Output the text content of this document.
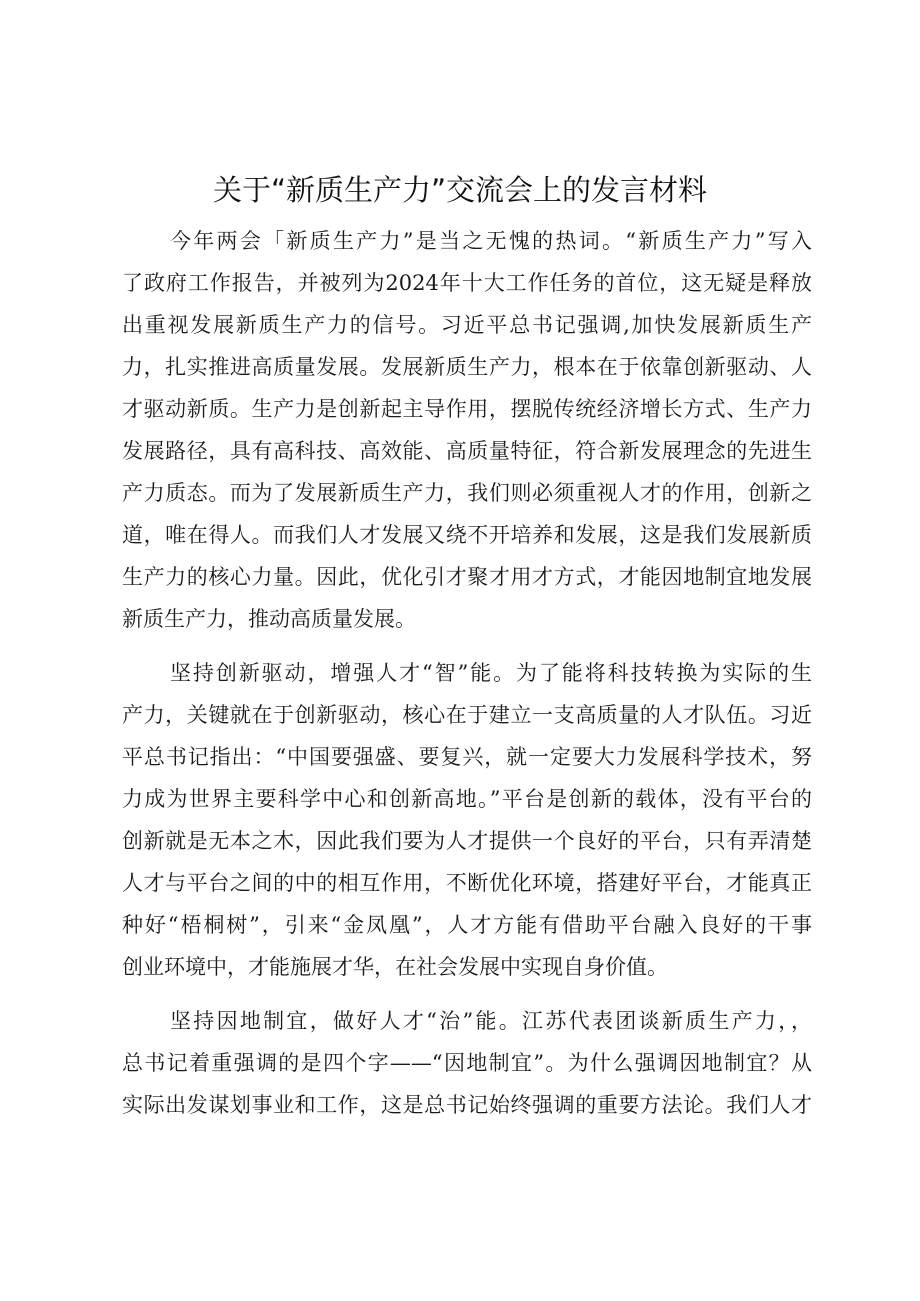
关于“新质生产力”交流会上的发言材料
今年两会「新质生产力”是当之无愧的热词。“新质生产力”写入
了政府工作报告，并被列为2024年十大工作任务的首位，这无疑是释放
出重视发展新质生产力的信号。习近平总书记强调,加快发展新质生产
力，扎实推进高质量发展。发展新质生产力，根本在于依靠创新驱动、人
才驱动新质。生产力是创新起主导作用，摆脱传统经济增长方式、生产力
发展路径，具有高科技、高效能、高质量特征，符合新发展理念的先进生
产力质态。而为了发展新质生产力，我们则必须重视人才的作用，创新之
道，唯在得人。而我们人才发展又绕不开培养和发展，这是我们发展新质
生产力的核心力量。因此，优化引才聚才用才方式，才能因地制宜地发展
新质生产力，推动高质量发展。
坚持创新驱动，增强人才“智”能。为了能将科技转换为实际的生
产力，关键就在于创新驱动，核心在于建立一支高质量的人才队伍。习近
平总书记指出：“中国要强盛、要复兴，就一定要大力发展科学技术，努
力成为世界主要科学中心和创新高地。”平台是创新的载体，没有平台的
创新就是无本之木，因此我们要为人才提供一个良好的平台，只有弄清楚
人才与平台之间的中的相互作用，不断优化环境，搭建好平台，才能真正
种好“梧桐树”，引来“金凤凰”，人才方能有借助平台融入良好的干事
创业环境中，才能施展才华，在社会发展中实现自身价值。
坚持因地制宜，做好人才“治”能。江苏代表团谈新质生产力，，
总书记着重强调的是四个字——“因地制宜”。为什么强调因地制宜？从
实际出发谋划事业和工作，这是总书记始终强调的重要方法论。我们人才
